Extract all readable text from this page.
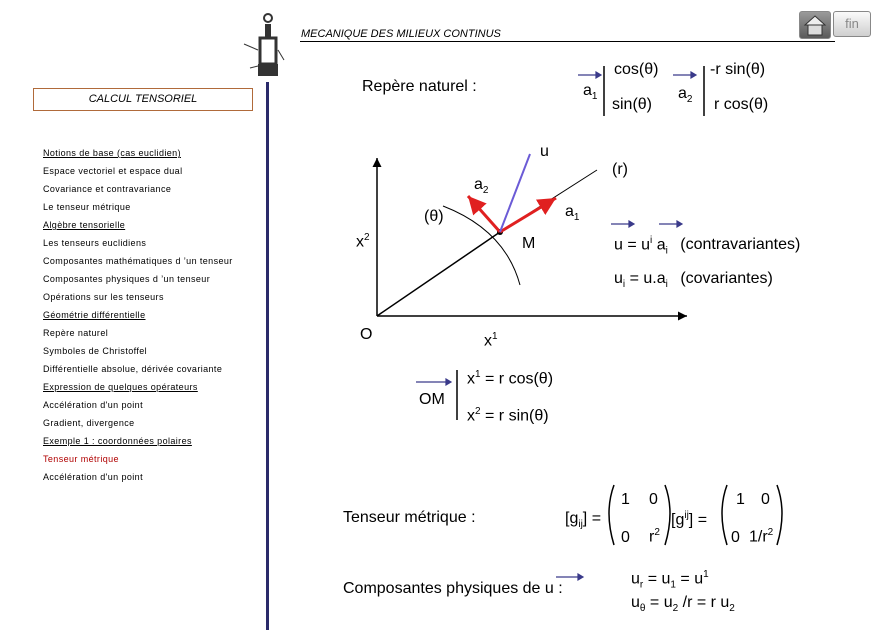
MECANIQUE DES MILIEUX CONTINUS
fin
CALCUL TENSORIEL
Notions de base (cas euclidien)
Espace vectoriel et espace dual
Covariance et contravariance
Le tenseur métrique
Algèbre tensorielle
Les tenseurs euclidiens
Composantes mathématiques d ’un tenseur
Composantes physiques d ’un tenseur
Opérations sur les tenseurs
Géométrie différentielle
Repère naturel
Symboles de Christoffel
Différentielle absolue, dérivée covariante
Expression de quelques opérateurs
Accélération d'un point
Gradient, divergence
Exemple 1 : coordonnées polaires
Tenseur métrique
Accélération d'un point
Repère naturel :	$a_1$
cos(θ)
sin(θ)
$a_2$
-r sin(θ)
r cos(θ)
u
(r)
$a_2$
$a_1$
(θ)
$x^2$	M
O	$x^1$
$u = u^i$ $a_i$ (contravariantes)
$u_i = u.a_i$ (covariantes)
OM
$x^1 = r$ cos(θ)
$x^2 = r$ sin(θ)
Tenseur métrique :	$[g_{ij}]$ =
1 0
0 $r^2$
$[g^{ij}]$ =
1 0
0 $1/r^2$
Composantes physiques de u :
$u_r = u_1 = u^1$
$u_\theta = u_2$ /r = r $u_2$
